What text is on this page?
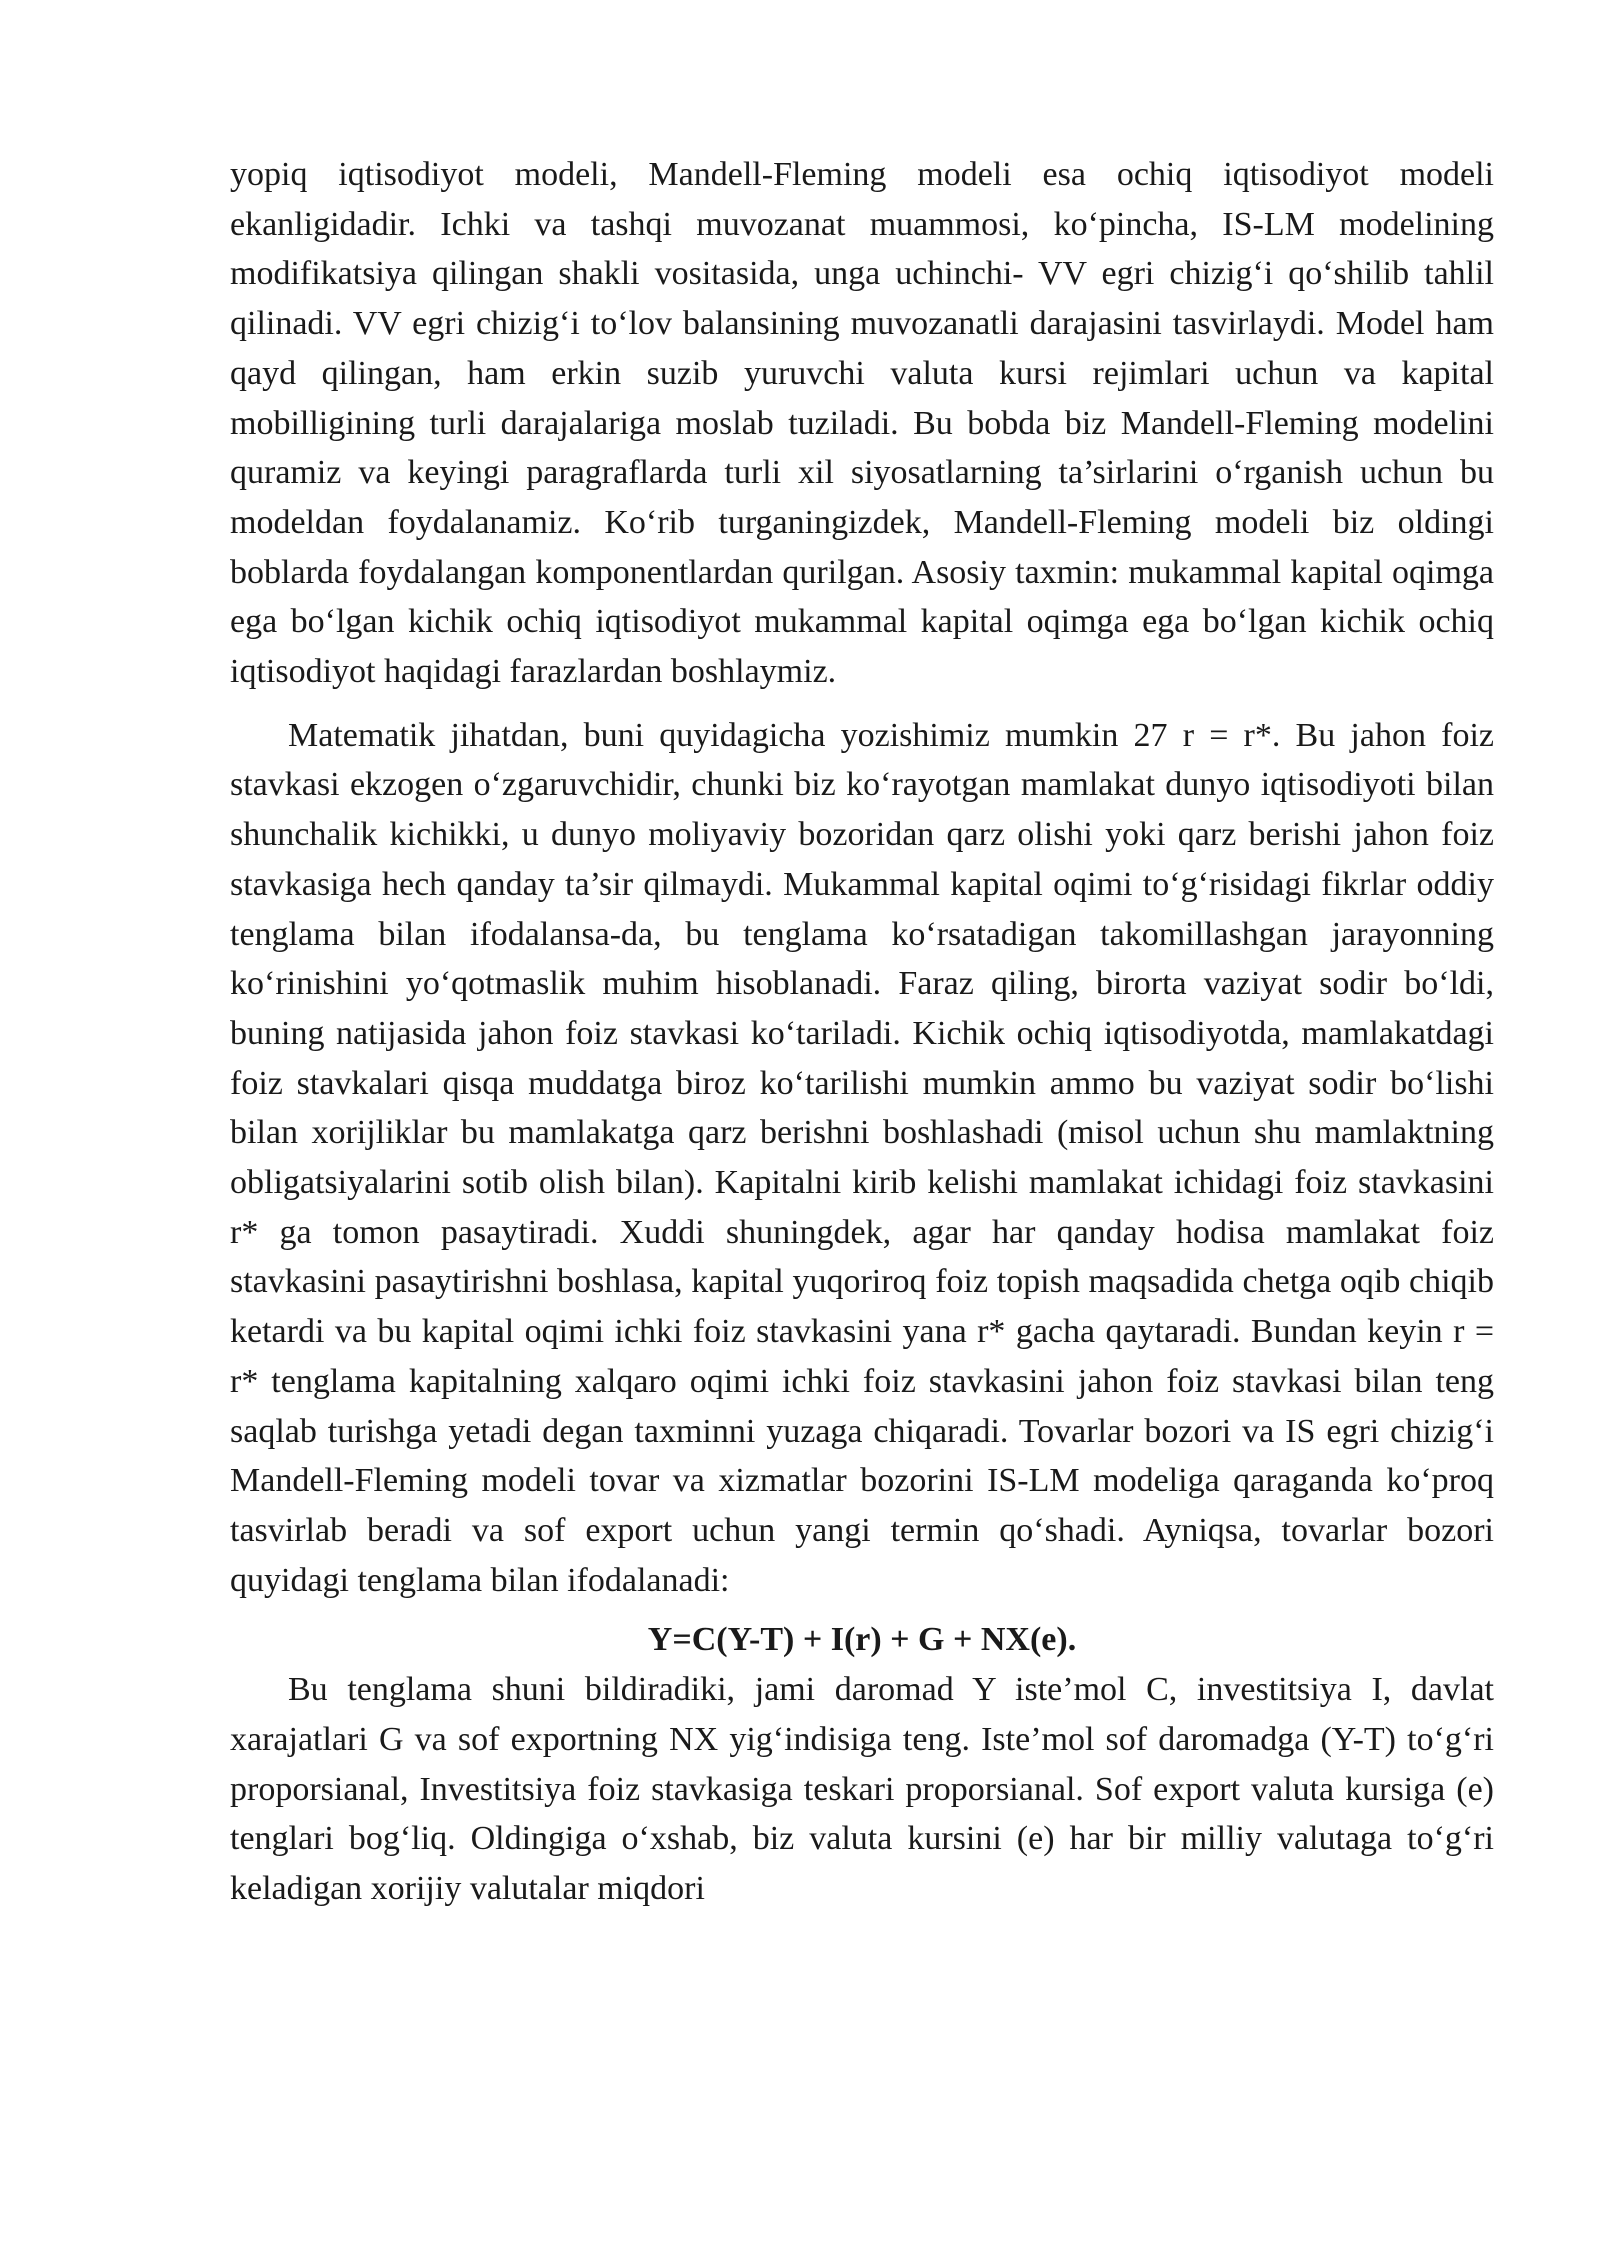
yopiq iqtisodiyot modeli, Mandell-Fleming modeli esa ochiq iqtisodiyot modeli ekanligidadir. Ichki va tashqi muvozanat muammosi, ko‘pincha, IS-LM modelining modifikatsiya qilingan shakli vositasida, unga uchinchi- VV egri chizig‘i qo‘shilib tahlil qilinadi. VV egri chizig‘i to‘lov balansining muvozanatli darajasini tasvirlaydi. Model ham qayd qilingan, ham erkin suzib yuruvchi valuta kursi rejimlari uchun va kapital mobilligining turli darajalariga moslab tuziladi. Bu bobda biz Mandell-Fleming modelini quramiz va keyingi paragraflarda turli xil siyosatlarning ta’sirlarini o‘rganish uchun bu modeldan foydalanamiz. Ko‘rib turganingizdek, Mandell-Fleming modeli biz oldingi boblarda foydalangan komponentlardan qurilgan. Asosiy taxmin: mukammal kapital oqimga ega bo‘lgan kichik ochiq iqtisodiyot mukammal kapital oqimga ega bo‘lgan kichik ochiq iqtisodiyot haqidagi farazlardan boshlaymiz.

Matematik jihatdan, buni quyidagicha yozishimiz mumkin 27 r = r*. Bu jahon foiz stavkasi ekzogen o‘zgaruvchidir, chunki biz ko‘rayotgan mamlakat dunyo iqtisodiyoti bilan shunchalik kichikki, u dunyo moliyaviy bozoridan qarz olishi yoki qarz berishi jahon foiz stavkasiga hech qanday ta’sir qilmaydi. Mukammal kapital oqimi to‘g‘risidagi fikrlar oddiy tenglama bilan ifodalansa-da, bu tenglama ko‘rsatadigan takomillashgan jarayonning ko‘rinishini yo‘qotmaslik muhim hisoblanadi. Faraz qiling, birorta vaziyat sodir bo‘ldi, buning natijasida jahon foiz stavkasi ko‘tariladi. Kichik ochiq iqtisodiyotda, mamlakatdagi foiz stavkalari qisqa muddatga biroz ko‘tarilishi mumkin ammo bu vaziyat sodir bo‘lishi bilan xorijliklar bu mamlakatga qarz berishni boshlashadi (misol uchun shu mamlaktning obligatsiyalarini sotib olish bilan). Kapitalni kirib kelishi mamlakat ichidagi foiz stavkasini r* ga tomon pasaytiradi. Xuddi shuningdek, agar har qanday hodisa mamlakat foiz stavkasini pasaytirishni boshlasa, kapital yuqoriroq foiz topish maqsadida chetga oqib chiqib ketardi va bu kapital oqimi ichki foiz stavkasini yana r* gacha qaytaradi. Bundan keyin r = r* tenglama kapitalning xalqaro oqimi ichki foiz stavkasini jahon foiz stavkasi bilan teng saqlab turishga yetadi degan taxminni yuzaga chiqaradi. Tovarlar bozori va IS egri chizig‘i Mandell-Fleming modeli tovar va xizmatlar bozorini IS-LM modeliga qaraganda ko‘proq tasvirlab beradi va sof export uchun yangi termin qo‘shadi. Ayniqsa, tovarlar bozori quyidagi tenglama bilan ifodalanadi:

Y=C(Y-T) + I(r) + G + NX(e).

Bu tenglama shuni bildiradiki, jami daromad Y iste’mol C, investitsiya I, davlat xarajatlari G va sof exportning NX yig‘indisiga teng. Iste’mol sof daromadga (Y-T) to‘g‘ri proporsianal, Investitsiya foiz stavkasiga teskari proporsianal. Sof export valuta kursiga (e) tenglari bog‘liq. Oldingiga o‘xshab, biz valuta kursini (e) har bir milliy valutaga to‘g‘ri keladigan xorijiy valutalar miqdori
